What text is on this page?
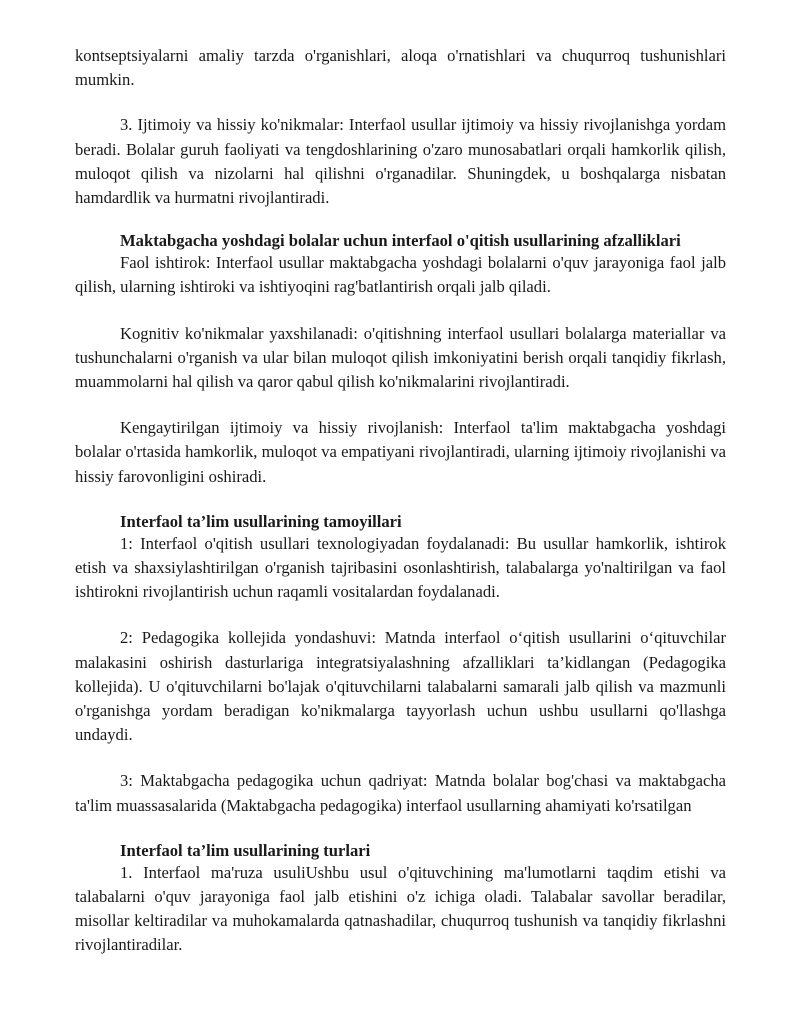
kontseptsiyalarni amaliy tarzda o'rganishlari, aloqa o'rnatishlari va chuqurroq tushunishlari mumkin.

3. Ijtimoiy va hissiy ko'nikmalar: Interfaol usullar ijtimoiy va hissiy rivojlanishga yordam beradi. Bolalar guruh faoliyati va tengdoshlarining o'zaro munosabatlari orqali hamkorlik qilish, muloqot qilish va nizolarni hal qilishni o'rganadilar. Shuningdek, u boshqalarga nisbatan hamdardlik va hurmatni rivojlantiradi.

Maktabgacha yoshdagi bolalar uchun interfaol o'qitish usullarining afzalliklari

Faol ishtirok: Interfaol usullar maktabgacha yoshdagi bolalarni o'quv jarayoniga faol jalb qilish, ularning ishtiroki va ishtiyoqini rag'batlantirish orqali jalb qiladi.

Kognitiv ko'nikmalar yaxshilanadi: o'qitishning interfaol usullari bolalarga materiallar va tushunchalarni o'rganish va ular bilan muloqot qilish imkoniyatini berish orqali tanqidiy fikrlash, muammolarni hal qilish va qaror qabul qilish ko'nikmalarini rivojlantiradi.

Kengaytirilgan ijtimoiy va hissiy rivojlanish: Interfaol ta'lim maktabgacha yoshdagi bolalar o'rtasida hamkorlik, muloqot va empatiyani rivojlantiradi, ularning ijtimoiy rivojlanishi va hissiy farovonligini oshiradi.

Interfaol ta’lim usullarining tamoyillari

1: Interfaol o'qitish usullari texnologiyadan foydalanadi: Bu usullar hamkorlik, ishtirok etish va shaxsiylashtirilgan o'rganish tajribasini osonlashtirish, talabalarga yo'naltirilgan va faol ishtirokni rivojlantirish uchun raqamli vositalardan foydalanadi.

2: Pedagogika kollejida yondashuvi: Matnda interfaol o‘qitish usullarini o‘qituvchilar malakasini oshirish dasturlariga integratsiyalashning afzalliklari ta’kidlangan (Pedagogika kollejida). U o'qituvchilarni bo'lajak o'qituvchilarni talabalarni samarali jalb qilish va mazmunli o'rganishga yordam beradigan ko'nikmalarga tayyorlash uchun ushbu usullarni qo'llashga undaydi.

3: Maktabgacha pedagogika uchun qadriyat: Matnda bolalar bog'chasi va maktabgacha ta'lim muassasalarida (Maktabgacha pedagogika) interfaol usullarning ahamiyati ko'rsatilgan

Interfaol ta’lim usullarining turlari

1. Interfaol ma'ruza usuliUshbu usul o'qituvchining ma'lumotlarni taqdim etishi va talabalarni o'quv jarayoniga faol jalb etishini o'z ichiga oladi. Talabalar savollar beradilar, misollar keltiradilar va muhokamalarda qatnashadilar, chuqurroq tushunish va tanqidiy fikrlashni rivojlantiradilar.
